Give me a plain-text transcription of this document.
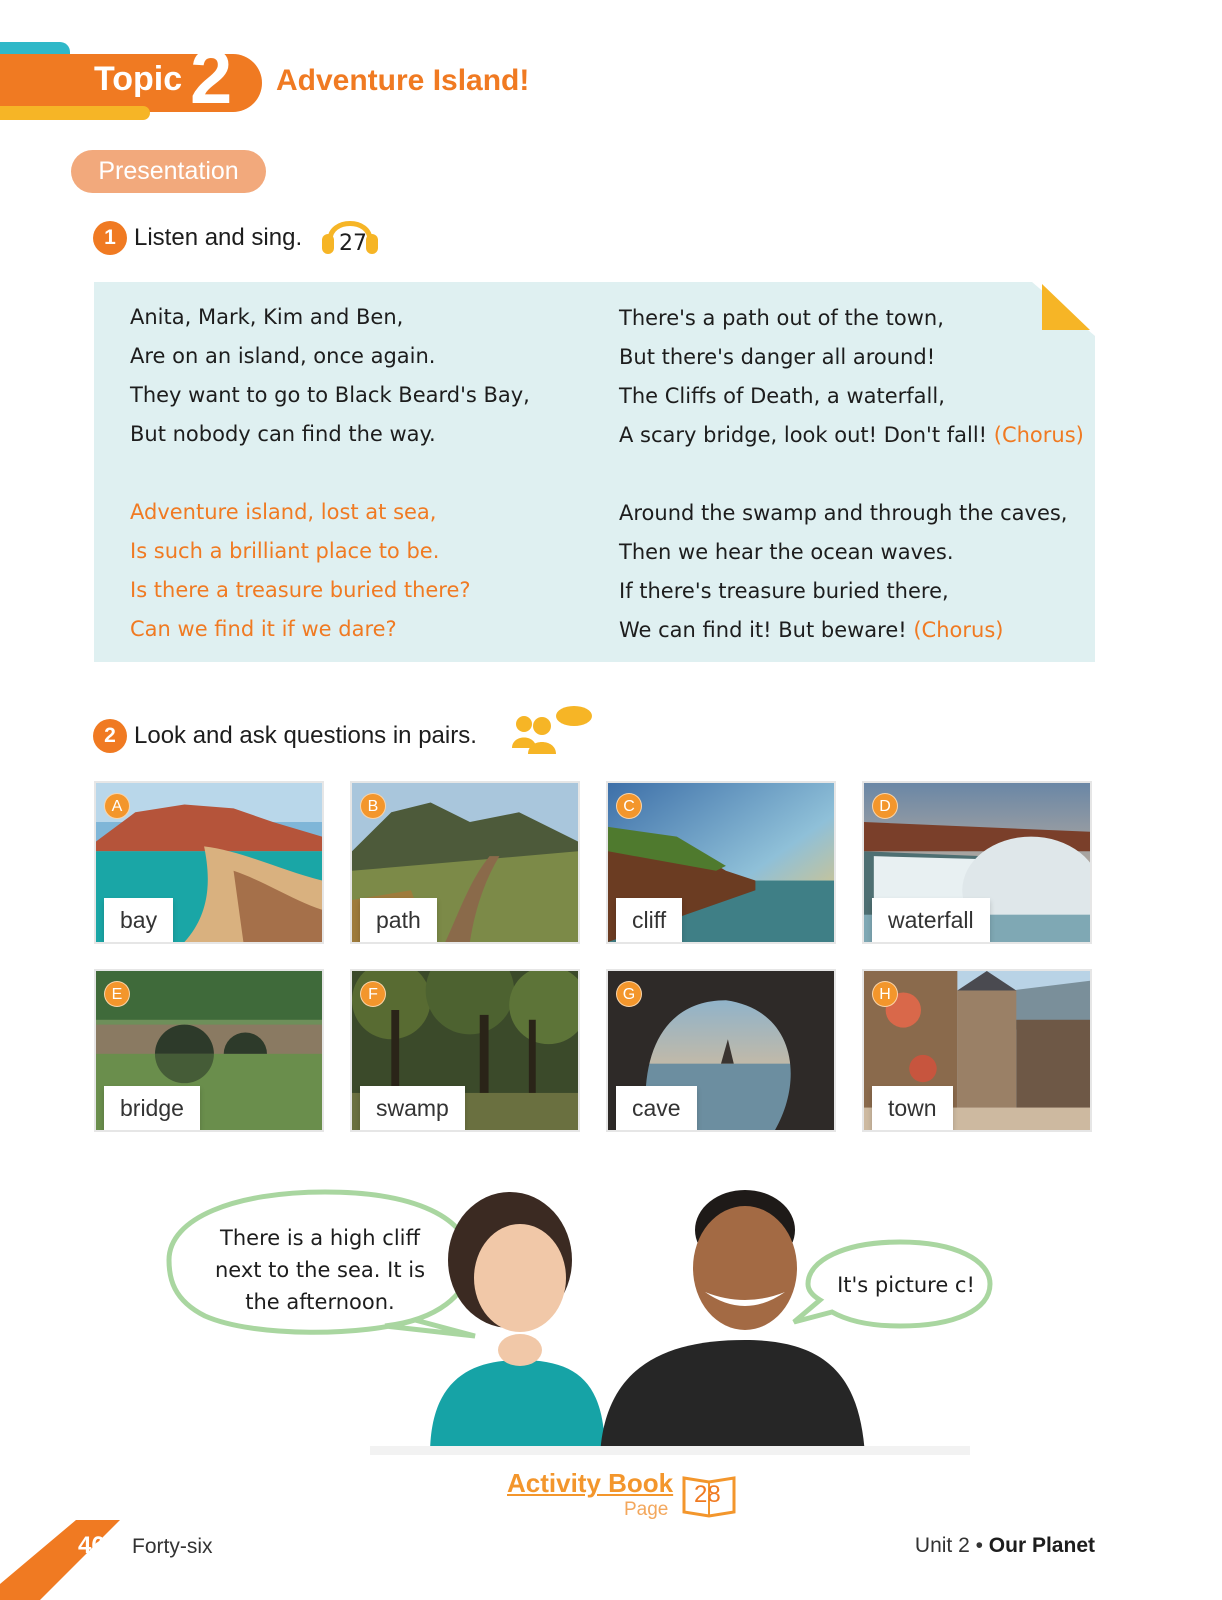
Topic 2 Adventure Island!
Presentation
1 Listen and sing. 27
Anita, Mark, Kim and Ben,
Are on an island, once again.
They want to go to Black Beard's Bay,
But nobody can find the way.
Adventure island, lost at sea,
Is such a brilliant place to be.
Is there a treasure buried there?
Can we find it if we dare?
There's a path out of the town,
But there's danger all around!
The Cliffs of Death, a waterfall,
A scary bridge, look out! Don't fall! (Chorus)
Around the swamp and through the caves,
Then we hear the ocean waves.
If there's treasure buried there,
We can find it! But beware! (Chorus)
2 Look and ask questions in pairs.
A
bay
B
path
C
cliff
D
waterfall
E
bridge
F
swamp
G
cave
H
town
There is a high cliff
next to the sea. It is
the afternoon.
It's picture c!
Activity Book
Page
28
46 Forty-six	Unit 2 • Our Planet
